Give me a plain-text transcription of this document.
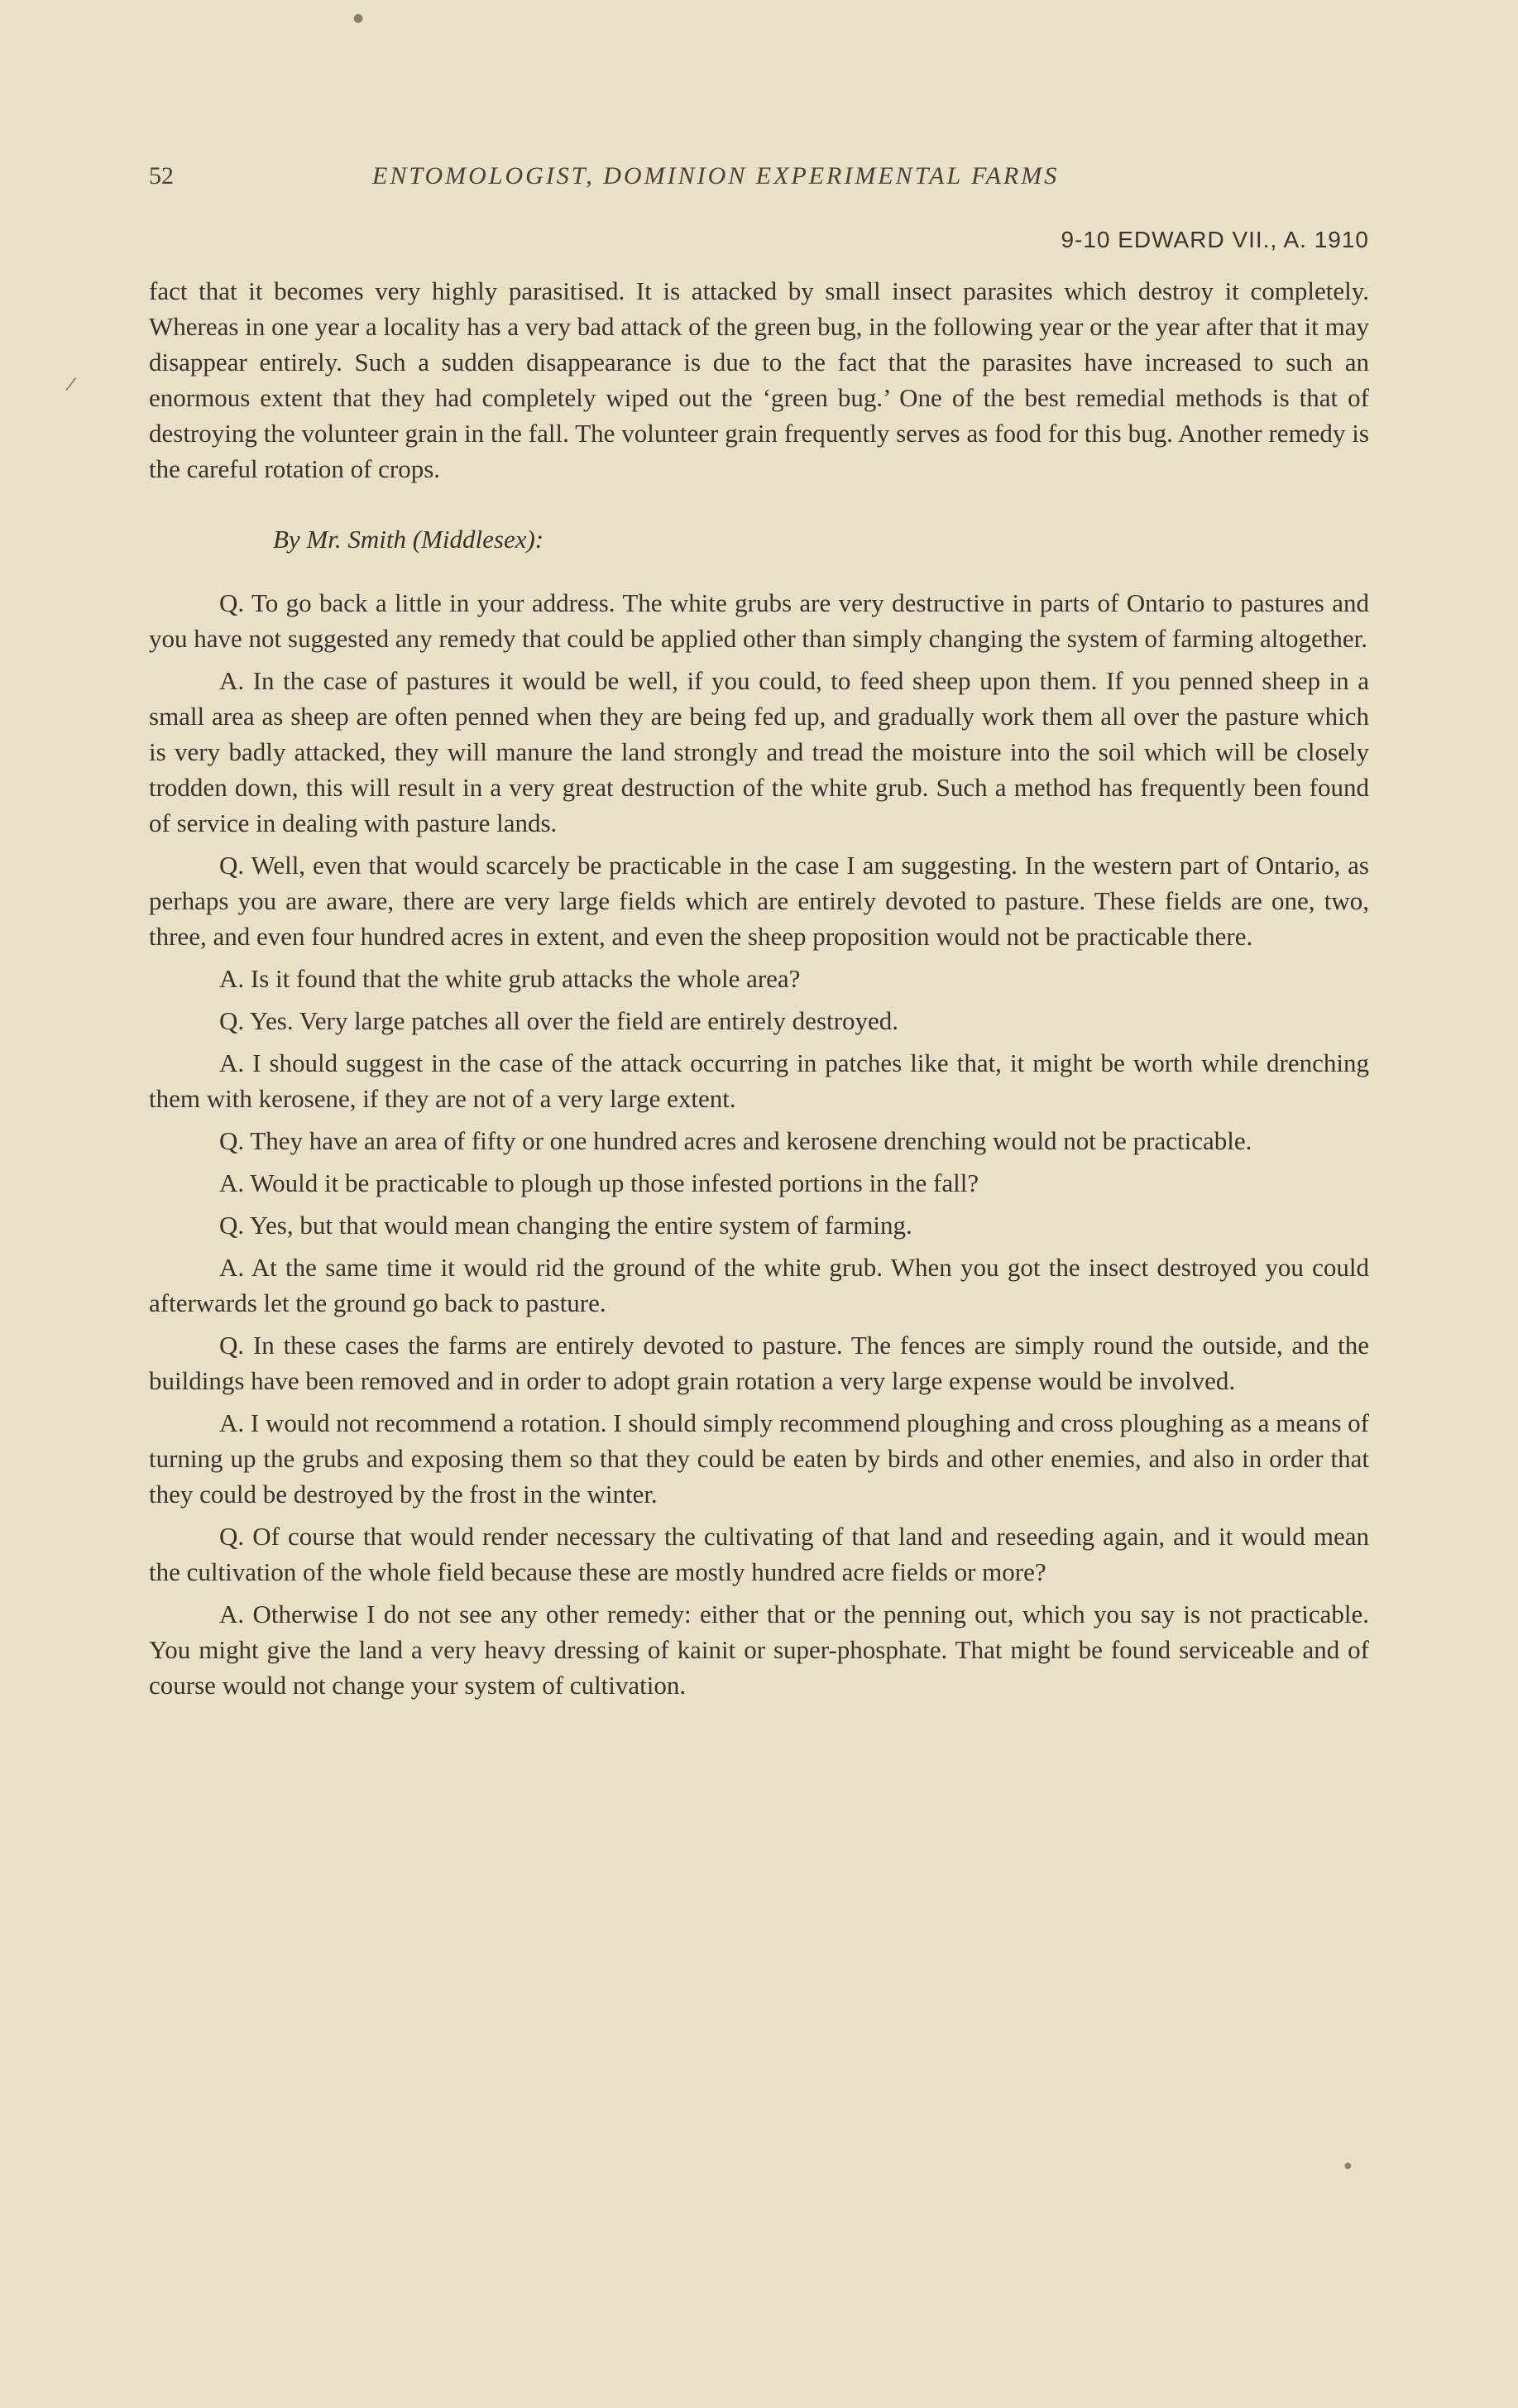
●
/
●
52	ENTOMOLOGIST, DOMINION EXPERIMENTAL FARMS
9-10 EDWARD VII., A. 1910

fact that it becomes very highly parasitised. It is attacked by small insect parasites which destroy it completely. Whereas in one year a locality has a very bad attack of the green bug, in the following year or the year after that it may disappear entirely. Such a sudden disappearance is due to the fact that the parasites have increased to such an enormous extent that they had completely wiped out the ‘green bug.’ One of the best remedial methods is that of destroying the volunteer grain in the fall. The volunteer grain frequently serves as food for this bug. Another remedy is the careful rotation of crops.

By Mr. Smith (Middlesex):

Q. To go back a little in your address. The white grubs are very destructive in parts of Ontario to pastures and you have not suggested any remedy that could be applied other than simply changing the system of farming altogether.

A. In the case of pastures it would be well, if you could, to feed sheep upon them. If you penned sheep in a small area as sheep are often penned when they are being fed up, and gradually work them all over the pasture which is very badly attacked, they will manure the land strongly and tread the moisture into the soil which will be closely trodden down, this will result in a very great destruction of the white grub. Such a method has frequently been found of service in dealing with pasture lands.

Q. Well, even that would scarcely be practicable in the case I am suggesting. In the western part of Ontario, as perhaps you are aware, there are very large fields which are entirely devoted to pasture. These fields are one, two, three, and even four hundred acres in extent, and even the sheep proposition would not be practicable there.

A. Is it found that the white grub attacks the whole area?

Q. Yes. Very large patches all over the field are entirely destroyed.

A. I should suggest in the case of the attack occurring in patches like that, it might be worth while drenching them with kerosene, if they are not of a very large extent.

Q. They have an area of fifty or one hundred acres and kerosene drenching would not be practicable.

A. Would it be practicable to plough up those infested portions in the fall?

Q. Yes, but that would mean changing the entire system of farming.

A. At the same time it would rid the ground of the white grub. When you got the insect destroyed you could afterwards let the ground go back to pasture.

Q. In these cases the farms are entirely devoted to pasture. The fences are simply round the outside, and the buildings have been removed and in order to adopt grain rotation a very large expense would be involved.

A. I would not recommend a rotation. I should simply recommend ploughing and cross ploughing as a means of turning up the grubs and exposing them so that they could be eaten by birds and other enemies, and also in order that they could be destroyed by the frost in the winter.

Q. Of course that would render necessary the cultivating of that land and reseeding again, and it would mean the cultivation of the whole field because these are mostly hundred acre fields or more?

A. Otherwise I do not see any other remedy: either that or the penning out, which you say is not practicable. You might give the land a very heavy dressing of kainit or super-phosphate. That might be found serviceable and of course would not change your system of cultivation.
